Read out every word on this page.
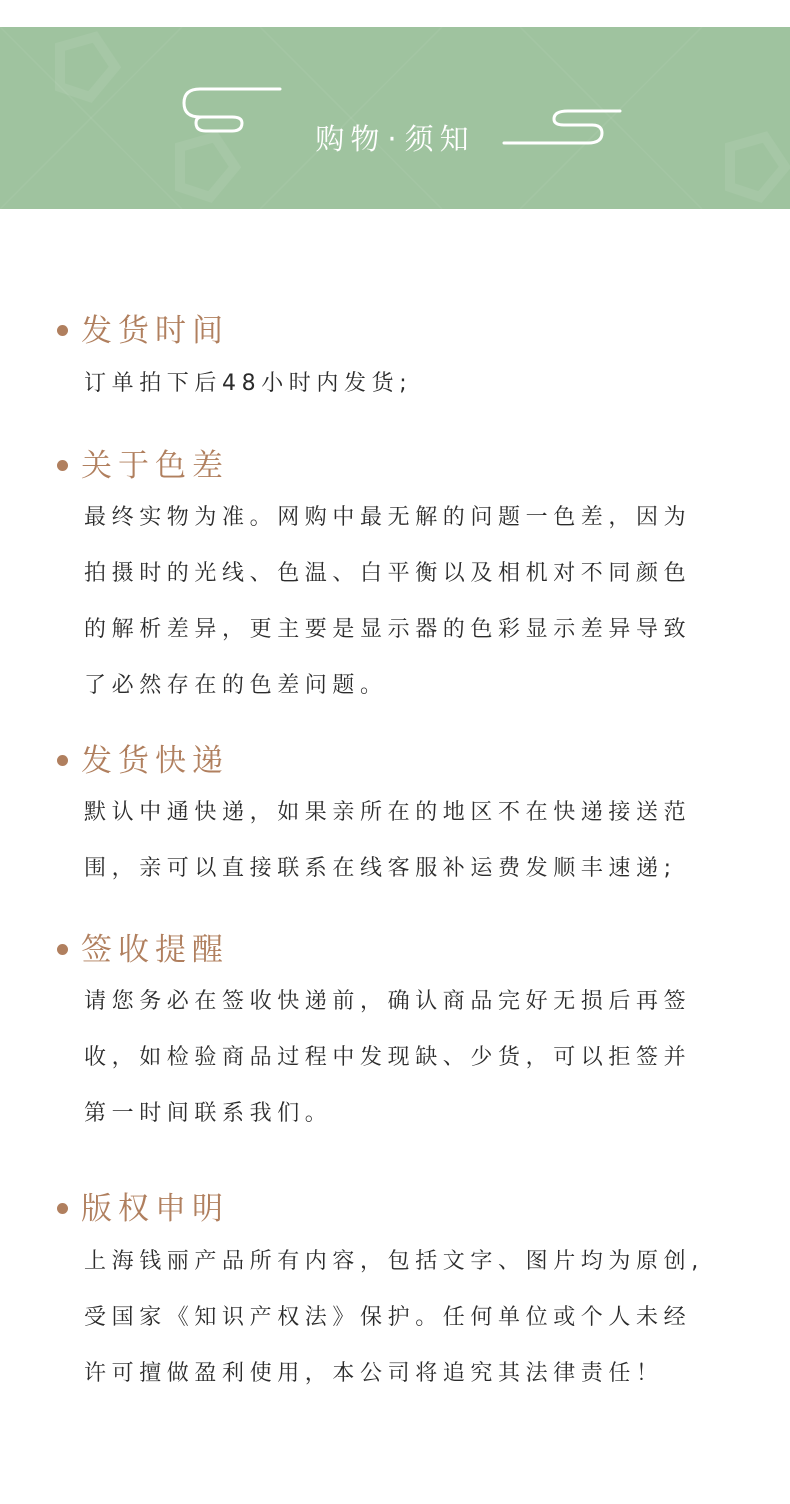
购物·须知
发货时间
订单拍下后48小时内发货;
关于色差
最终实物为准。网购中最无解的问题一色差，因为
拍摄时的光线、色温、白平衡以及相机对不同颜色
的解析差异，更主要是显示器的色彩显示差异导致
了必然存在的色差问题。
发货快递
默认中通快递，如果亲所在的地区不在快递接送范
围，亲可以直接联系在线客服补运费发顺丰速递;
签收提醒
请您务必在签收快递前，确认商品完好无损后再签
收，如检验商品过程中发现缺、少货，可以拒签并
第一时间联系我们。
版权申明
上海钱丽产品所有内容，包括文字、图片均为原创,
受国家《知识产权法》保护。任何单位或个人未经
许可擅做盈利使用，本公司将追究其法律责任！
